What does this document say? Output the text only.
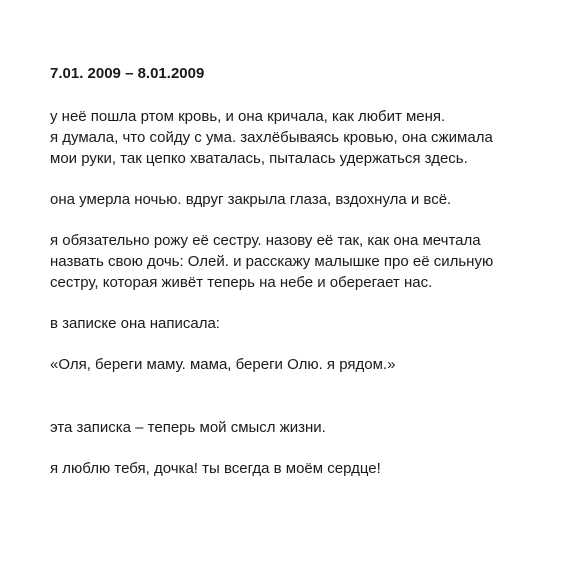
7.01. 2009 – 8.01.2009

у неё пошла ртом кровь, и она кричала, как любит меня.
я думала, что сойду с ума. захлёбываясь кровью, она сжимала
мои руки, так цепко хваталась, пыталась удержаться здесь.

она умерла ночью. вдруг закрыла глаза, вздохнула и всё.

я обязательно рожу её сестру. назову её так, как она мечтала
назвать свою дочь: Олей. и расскажу малышке про её сильную
сестру, которая живёт теперь на небе и оберегает нас.

в записке она написала:

«Оля, береги маму. мама, береги Олю. я рядом.»

эта записка – теперь мой смысл жизни.

я люблю тебя, дочка! ты всегда в моём сердце!
